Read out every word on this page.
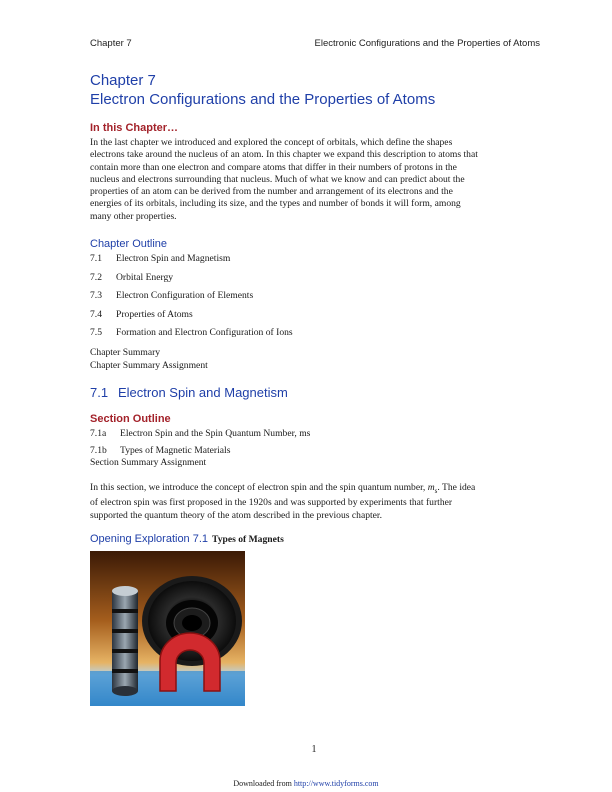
Chapter 7	Electronic Configurations and the Properties of Atoms
Chapter 7
Electron Configurations and the Properties of Atoms
In this Chapter…
In the last chapter we introduced and explored the concept of orbitals, which define the shapes
electrons take around the nucleus of an atom. In this chapter we expand this description to atoms that
contain more than one electron and compare atoms that differ in their numbers of protons in the
nucleus and electrons surrounding that nucleus. Much of what we know and can predict about the
properties of an atom can be derived from the number and arrangement of its electrons and the
energies of its orbitals, including its size, and the types and number of bonds it will form, among
many other properties.
Chapter Outline
7.1 Electron Spin and Magnetism
7.2 Orbital Energy
7.3 Electron Configuration of Elements
7.4 Properties of Atoms
7.5 Formation and Electron Configuration of Ions
Chapter Summary
Chapter Summary Assignment
7.1 Electron Spin and Magnetism
Section Outline
7.1a Electron Spin and the Spin Quantum Number, ms
7.1b Types of Magnetic Materials
Section Summary Assignment
In this section, we introduce the concept of electron spin and the spin quantum number, $m_s$. The idea
of electron spin was first proposed in the 1920s and was supported by experiments that further
supported the quantum theory of the atom described in the previous chapter.
Opening Exploration 7.1 Types of Magnets
1
Downloaded from http://www.tidyforms.com
